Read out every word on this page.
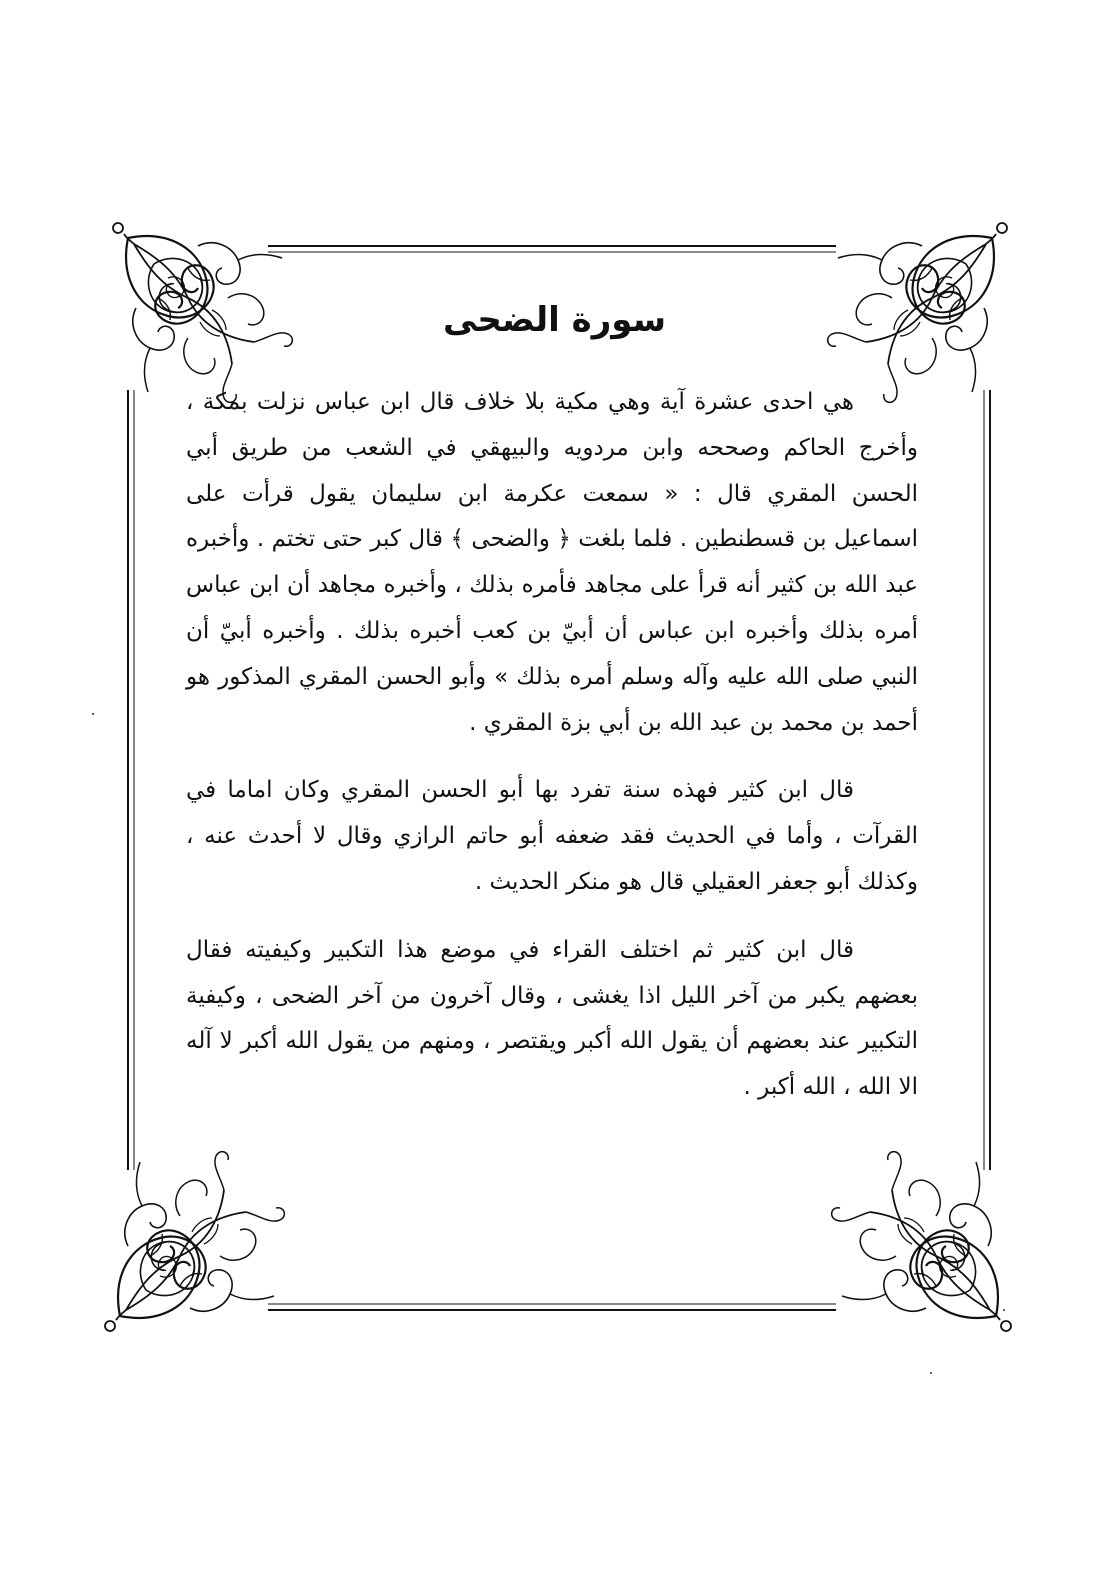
سورة الضحى

هي احدى عشرة آية وهي مكية بلا خلاف قال ابن عباس نزلت بمكة ، وأخرج الحاكم وصححه وابن مردويه والبيهقي في الشعب من طريق أبي الحسن المقري قال : « سمعت عكرمة ابن سليمان يقول قرأت على اسماعيل بن قسطنطين . فلما بلغت ﴿ والضحى ﴾ قال كبر حتى تختم . وأخبره عبد الله بن كثير أنه قرأ على مجاهد فأمره بذلك ، وأخبره مجاهد أن ابن عباس أمره بذلك وأخبره ابن عباس أن أبيّ بن كعب أخبره بذلك . وأخبره أبيّ أن النبي صلى الله عليه وآله وسلم أمره بذلك » وأبو الحسن المقري المذكور هو أحمد بن محمد بن عبد الله بن أبي بزة المقري .

قال ابن كثير فهذه سنة تفرد بها أبو الحسن المقري وكان اماما في القرآت ، وأما في الحديث فقد ضعفه أبو حاتم الرازي وقال لا أحدث عنه ، وكذلك أبو جعفر العقيلي قال هو منكر الحديث .

قال ابن كثير ثم اختلف القراء في موضع هذا التكبير وكيفيته فقال بعضهم يكبر من آخر الليل اذا يغشى ، وقال آخرون من آخر الضحى ، وكيفية التكبير عند بعضهم أن يقول الله أكبر ويقتصر ، ومنهم من يقول الله أكبر لا آله الا الله ، الله أكبر .
